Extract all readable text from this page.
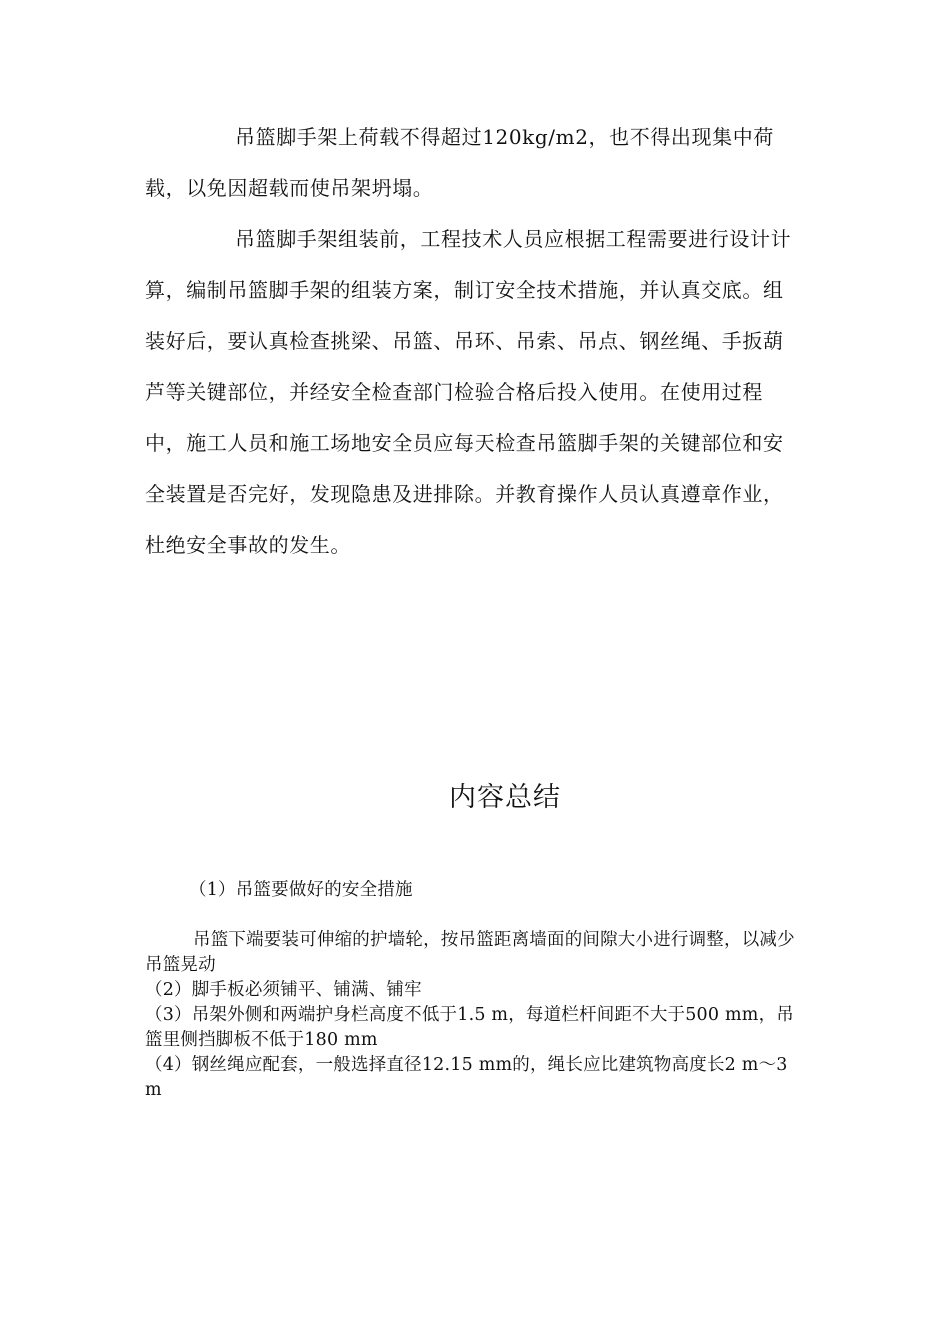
吊篮脚手架上荷载不得超过120kg/m2，也不得出现集中荷载，以免因超载而使吊架坍塌。

吊篮脚手架组装前，工程技术人员应根据工程需要进行设计计算，编制吊篮脚手架的组装方案，制订安全技术措施，并认真交底。组装好后，要认真检查挑梁、吊篮、吊环、吊索、吊点、钢丝绳、手扳葫芦等关键部位，并经安全检查部门检验合格后投入使用。在使用过程中，施工人员和施工场地安全员应每天检查吊篮脚手架的关键部位和安全装置是否完好，发现隐患及进排除。并教育操作人员认真遵章作业，杜绝安全事故的发生。

内容总结

（1）吊篮要做好的安全措施

吊篮下端要装可伸缩的护墙轮，按吊篮距离墙面的间隙大小进行调整，以减少吊篮晃动

（2）脚手板必须铺平、铺满、铺牢

（3）吊架外侧和两端护身栏高度不低于1.5 m，每道栏杆间距不大于500 mm，吊篮里侧挡脚板不低于180 mm

（4）钢丝绳应配套，一般选择直径12.15 mm的，绳长应比建筑物高度长2 m～3 m
